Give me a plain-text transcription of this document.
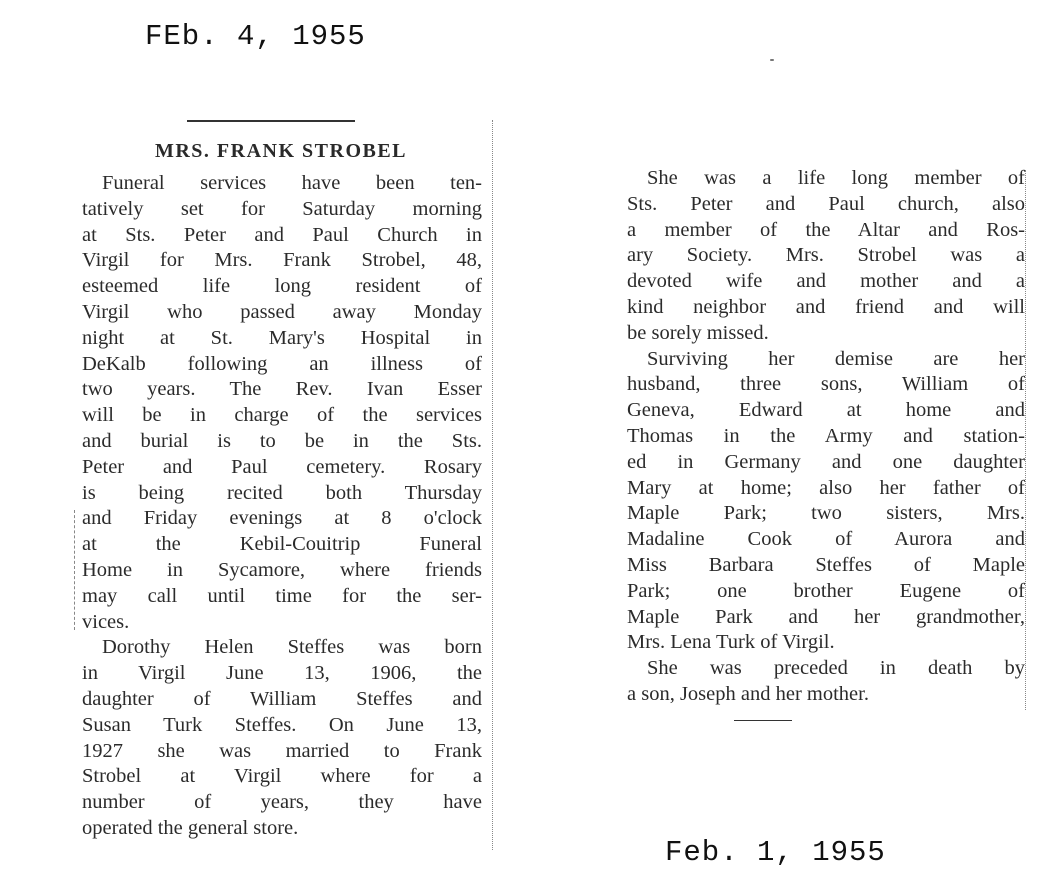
FEb. 4, 1955
MRS. FRANK STROBEL
Funeral services have been ten-
tatively set for Saturday morning
at Sts. Peter and Paul Church in
Virgil for Mrs. Frank Strobel, 48,
esteemed life long resident of
Virgil who passed away Monday
night at St. Mary's Hospital in
DeKalb following an illness of
two years. The Rev. Ivan Esser
will be in charge of the services
and burial is to be in the Sts.
Peter and Paul cemetery. Rosary
is being recited both Thursday
and Friday evenings at 8 o'clock
at the Kebil-Couitrip Funeral
Home in Sycamore, where friends
may call until time for the ser-
vices.
Dorothy Helen Steffes was born
in Virgil June 13, 1906, the
daughter of William Steffes and
Susan Turk Steffes. On June 13,
1927 she was married to Frank
Strobel at Virgil where for a
number of years, they have
operated the general store.
She was a life long member of
Sts. Peter and Paul church, also
a member of the Altar and Ros-
ary Society. Mrs. Strobel was a
devoted wife and mother and a
kind neighbor and friend and will
be sorely missed.
Surviving her demise are her
husband, three sons, William of
Geneva, Edward at home and
Thomas in the Army and station-
ed in Germany and one daughter
Mary at home; also her father of
Maple Park; two sisters, Mrs.
Madaline Cook of Aurora and
Miss Barbara Steffes of Maple
Park; one brother Eugene of
Maple Park and her grandmother,
Mrs. Lena Turk of Virgil.
She was preceded in death by
a son, Joseph and her mother.
Feb. 1, 1955
